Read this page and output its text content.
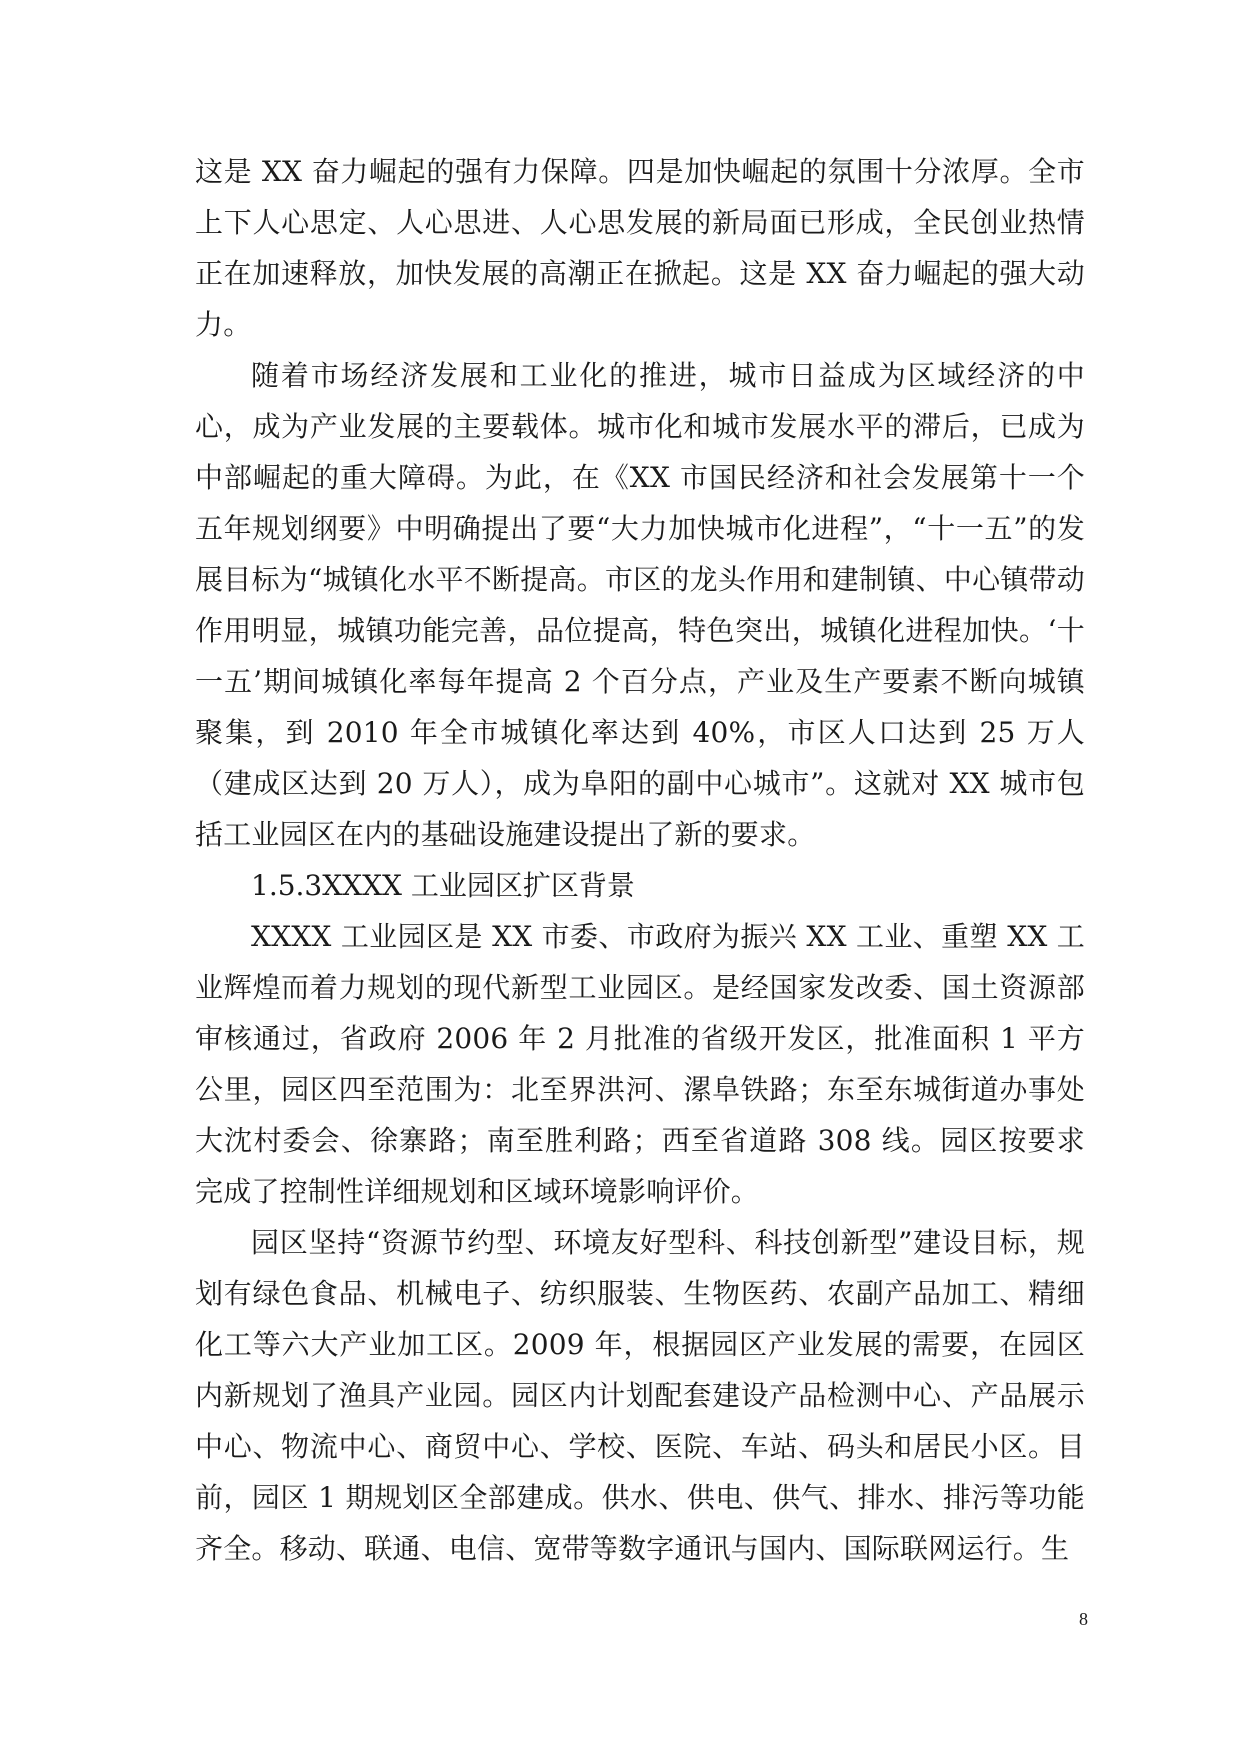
这是 XX 奋力崛起的强有力保障。四是加快崛起的氛围十分浓厚。全市上下人心思定、人心思进、人心思发展的新局面已形成，全民创业热情正在加速释放，加快发展的高潮正在掀起。这是 XX 奋力崛起的强大动力。

随着市场经济发展和工业化的推进，城市日益成为区域经济的中心，成为产业发展的主要载体。城市化和城市发展水平的滞后，已成为中部崛起的重大障碍。为此，在《XX 市国民经济和社会发展第十一个五年规划纲要》中明确提出了要“大力加快城市化进程”，“十一五”的发展目标为“城镇化水平不断提高。市区的龙头作用和建制镇、中心镇带动作用明显，城镇功能完善，品位提高，特色突出，城镇化进程加快。‘十一五’期间城镇化率每年提高 2 个百分点，产业及生产要素不断向城镇聚集，到 2010 年全市城镇化率达到 40%，市区人口达到 25 万人（建成区达到 20 万人），成为阜阳的副中心城市”。这就对 XX 城市包括工业园区在内的基础设施建设提出了新的要求。

1.5.3XXXX 工业园区扩区背景

XXXX 工业园区是 XX 市委、市政府为振兴 XX 工业、重塑 XX 工业辉煌而着力规划的现代新型工业园区。是经国家发改委、国土资源部审核通过，省政府 2006 年 2 月批准的省级开发区，批准面积 1 平方公里，园区四至范围为：北至界洪河、漯阜铁路；东至东城街道办事处大沈村委会、徐寨路；南至胜利路；西至省道路 308 线。园区按要求完成了控制性详细规划和区域环境影响评价。

园区坚持“资源节约型、环境友好型科、科技创新型”建设目标，规划有绿色食品、机械电子、纺织服装、生物医药、农副产品加工、精细化工等六大产业加工区。2009 年，根据园区产业发展的需要，在园区内新规划了渔具产业园。园区内计划配套建设产品检测中心、产品展示中心、物流中心、商贸中心、学校、医院、车站、码头和居民小区。目前，园区 1 期规划区全部建成。供水、供电、供气、排水、排污等功能齐全。移动、联通、电信、宽带等数字通讯与国内、国际联网运行。生

8
